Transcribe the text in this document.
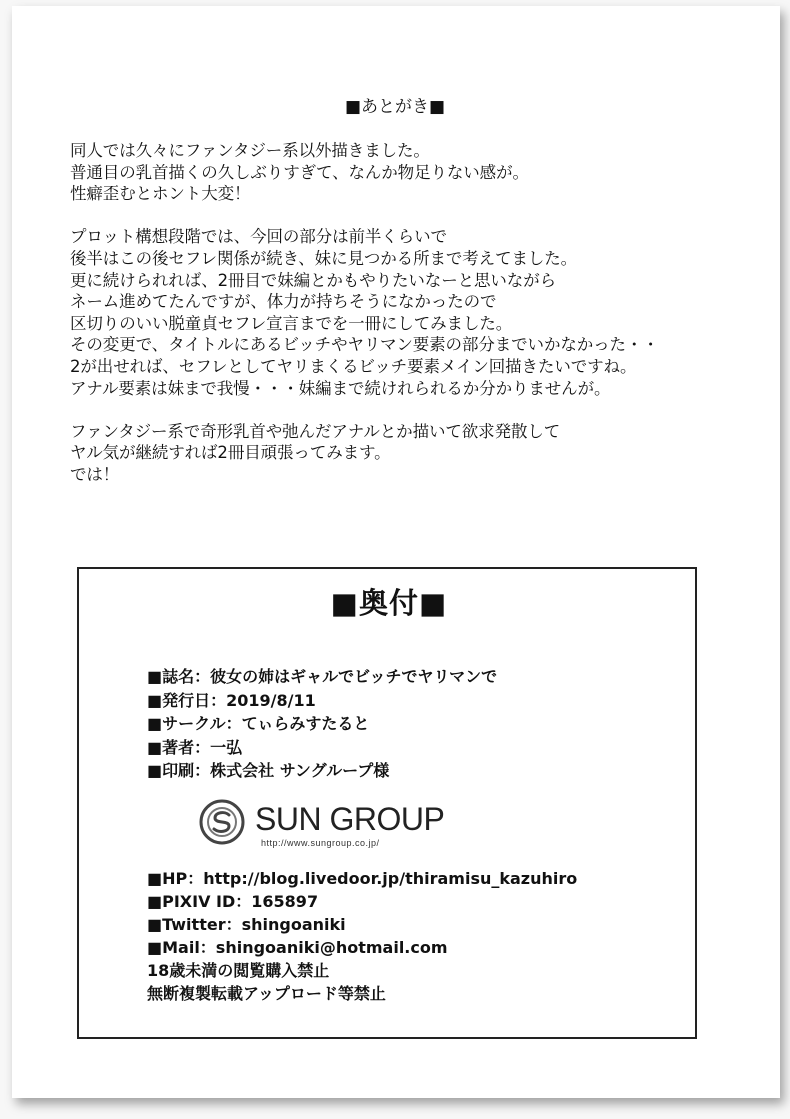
■あとがき■
同人では久々にファンタジー系以外描きました。
普通目の乳首描くの久しぶりすぎて、なんか物足りない感が。
性癖歪むとホント大変！
プロット構想段階では、今回の部分は前半くらいで
後半はこの後セフレ関係が続き、妹に見つかる所まで考えてました。
更に続けられれば、2冊目で妹編とかもやりたいなーと思いながら
ネーム進めてたんですが、体力が持ちそうになかったので
区切りのいい脱童貞セフレ宣言までを一冊にしてみました。
その変更で、タイトルにあるビッチやヤリマン要素の部分までいかなかった・・
2が出せれば、セフレとしてヤリまくるビッチ要素メイン回描きたいですね。
アナル要素は妹まで我慢・・・妹編まで続けれられるか分かりませんが。
ファンタジー系で奇形乳首や弛んだアナルとか描いて欲求発散して
ヤル気が継続すれば2冊目頑張ってみます。
では！
■奥付■
■誌名：彼女の姉はギャルでビッチでヤリマンで
■発行日：2019/8/11
■サークル：てぃらみすたると
■著者：一弘
■印刷：株式会社 サングループ様
SUN GROUP
http://www.sungroup.co.jp/
■HP：http://blog.livedoor.jp/thiramisu_kazuhiro
■PIXIV ID：165897
■Twitter：shingoaniki
■Mail：shingoaniki@hotmail.com
18歳未満の閲覧購入禁止
無断複製転載アップロード等禁止
